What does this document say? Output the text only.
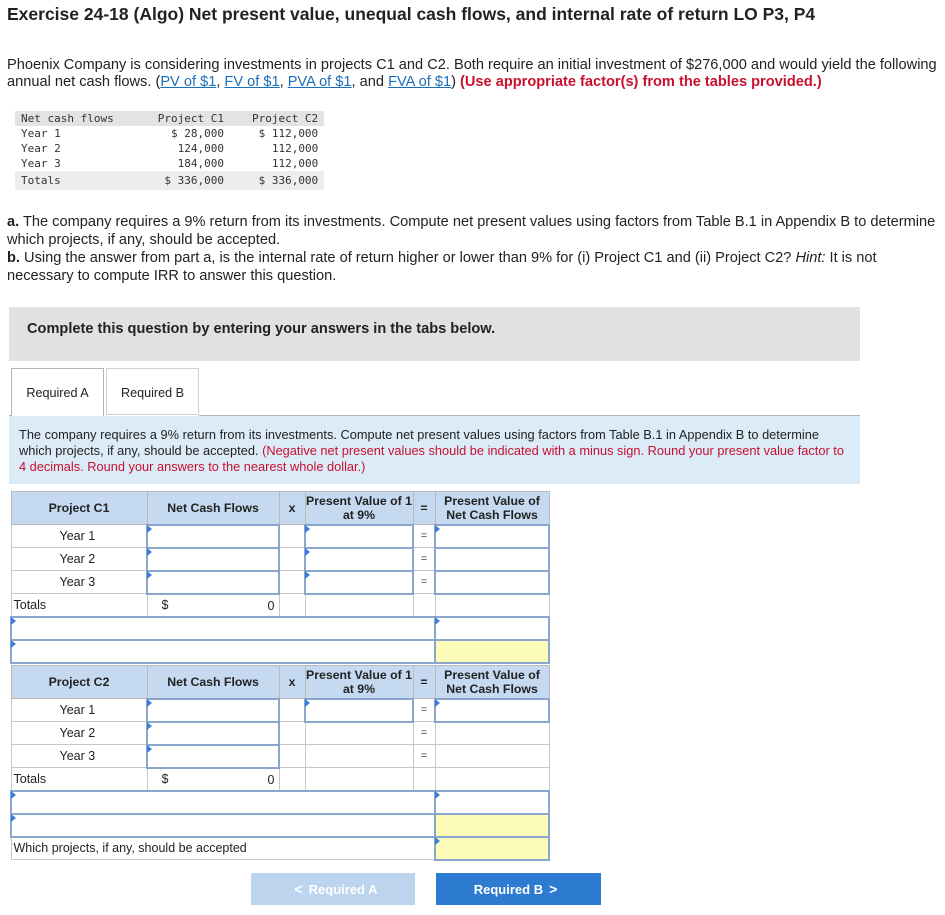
Exercise 24-18 (Algo) Net present value, unequal cash flows, and internal rate of return LO P3, P4
Phoenix Company is considering investments in projects C1 and C2. Both require an initial investment of $276,000 and would yield the following annual net cash flows. (PV of $1, FV of $1, PVA of $1, and FVA of $1) (Use appropriate factor(s) from the tables provided.)
Net cash flows	Project C1	Project C2
Year 1	$ 28,000	$ 112,000
Year 2	124,000	112,000
Year 3	184,000	112,000
Totals	$ 336,000	$ 336,000
a. The company requires a 9% return from its investments. Compute net present values using factors from Table B.1 in Appendix B to determine which projects, if any, should be accepted.
b. Using the answer from part a, is the internal rate of return higher or lower than 9% for (i) Project C1 and (ii) Project C2? Hint: It is not necessary to compute IRR to answer this question.
Complete this question by entering your answers in the tabs below.
Required A	Required B
The company requires a 9% return from its investments. Compute net present values using factors from Table B.1 in Appendix B to determine which projects, if any, should be accepted. (Negative net present values should be indicated with a minus sign. Round your present value factor to 4 decimals. Round your answers to the nearest whole dollar.)
Project C1	Net Cash Flows	x	Present Value of 1 at 9%	=	Present Value of Net Cash Flows
Year 1				=	

Year 2				=	
Year 3				=	
Totals	$ 0				

Project C2	Net Cash Flows	x	Present Value of 1 at 9%	=	Present Value of Net Cash Flows
Year 1				=	

Year 2				=	
Year 3				=	
Totals	$ 0				

Which projects, if any, should be accepted					
< Required A	Required B >
